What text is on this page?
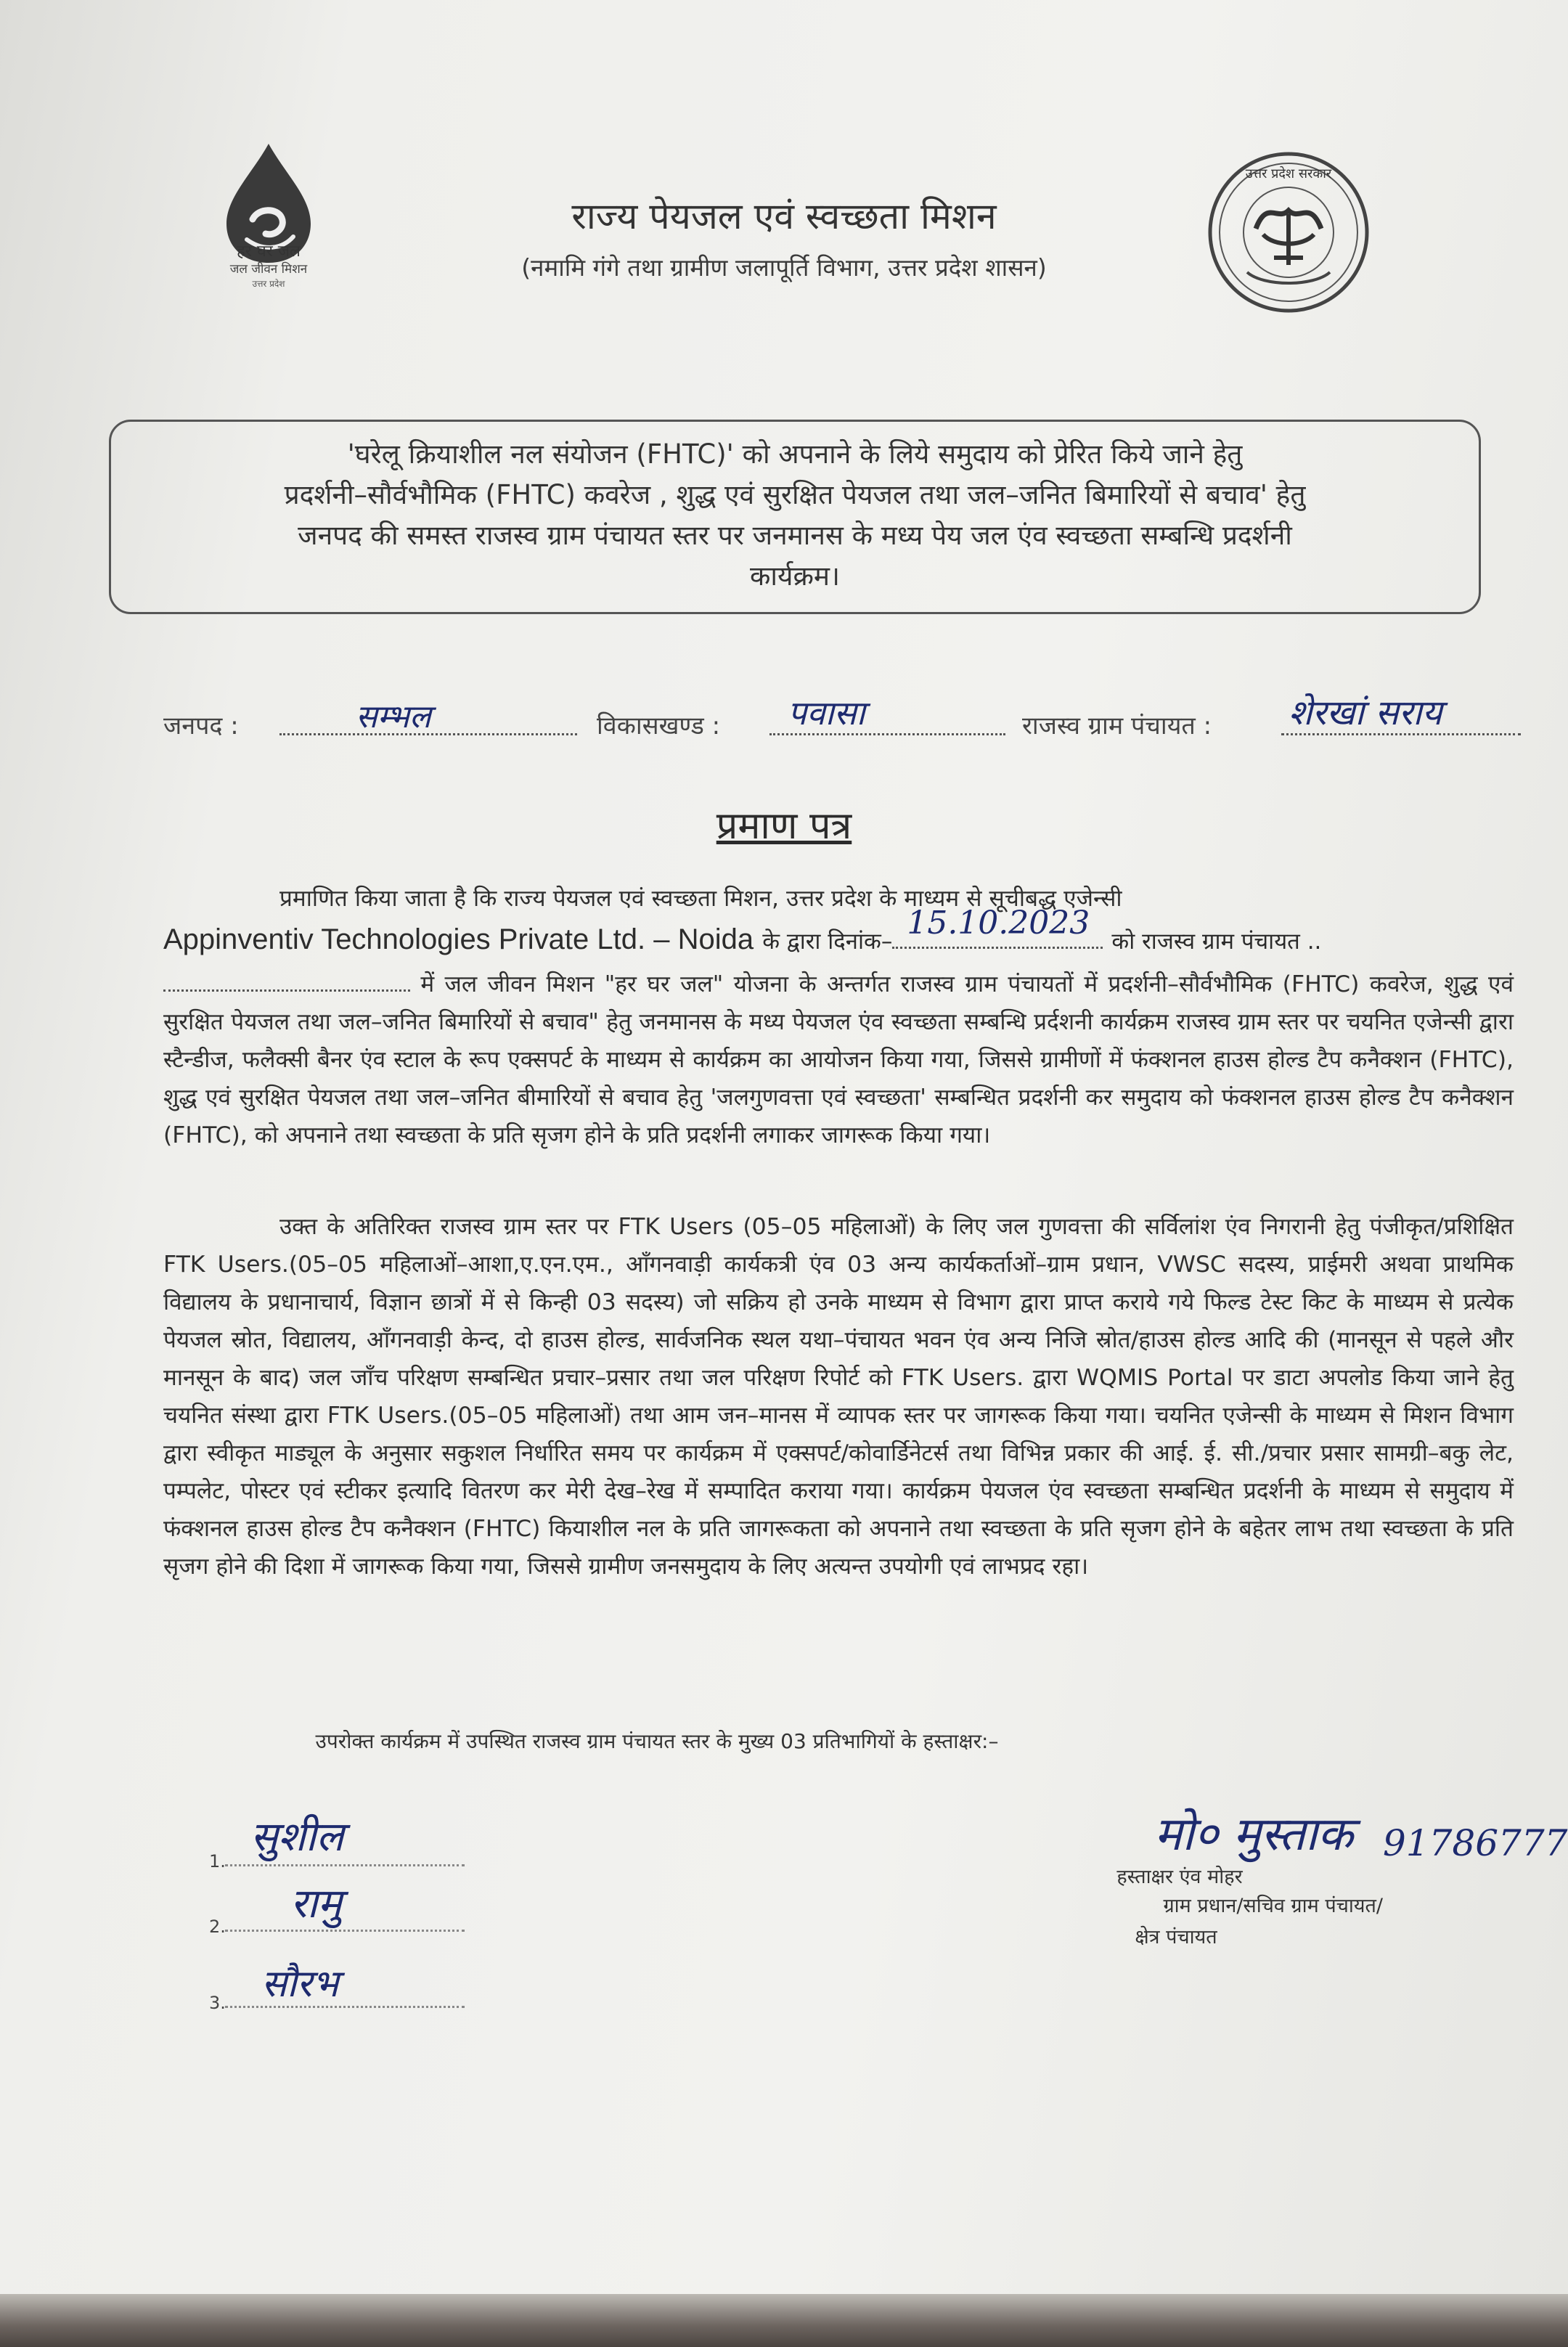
हर घर जल
जल जीवन मिशन
उत्तर प्रदेश
उत्तर प्रदेश सरकार
राज्य पेयजल एवं स्वच्छता मिशन
(नमामि गंगे तथा ग्रामीण जलापूर्ति विभाग, उत्तर प्रदेश शासन)
'घरेलू क्रियाशील नल संयोजन (FHTC)' को अपनाने के लिये समुदाय को प्रेरित किये जाने हेतु
प्रदर्शनी–सौर्वभौमिक (FHTC) कवरेज , शुद्ध एवं सुरक्षित पेयजल तथा जल–जनित बिमारियों से बचाव' हेतु
जनपद की समस्त राजस्व ग्राम पंचायत स्तर पर जनमानस के मध्य पेय जल एंव स्वच्छता सम्बन्धि प्रदर्शनी
कार्यक्रम।
जनपद :	सम्भल	विकासखण्ड : पवासा	राजस्व ग्राम पंचायत : शेरखां सराय
प्रमाण पत्र
प्रमाणित किया जाता है कि राज्य पेयजल एवं स्वच्छता मिशन, उत्तर प्रदेश के माध्यम से सूचीबद्ध एजेन्सी
Appinventiv Technologies Private Ltd. – Noida के द्वारा दिनांक– 15.10.2023 को राजस्व ग्राम पंचायत ..
में जल जीवन मिशन "हर घर जल" योजना के अन्तर्गत राजस्व ग्राम पंचायतों में प्रदर्शनी–सौर्वभौमिक (FHTC) कवरेज, शुद्ध एवं सुरक्षित पेयजल तथा जल–जनित बिमारियों से बचाव" हेतु जनमानस के मध्य पेयजल एंव स्वच्छता सम्बन्धि प्रर्दशनी कार्यक्रम राजस्व ग्राम स्तर पर चयनित एजेन्सी द्वारा स्टैन्डीज, फलैक्सी बैनर एंव स्टाल के रूप एक्सपर्ट के माध्यम से कार्यक्रम का आयोजन किया गया, जिससे ग्रामीणों में फंक्शनल हाउस होल्ड टैप कनैक्शन (FHTC), शुद्ध एवं सुरक्षित पेयजल तथा जल–जनित बीमारियों से बचाव हेतु 'जलगुणवत्ता एवं स्वच्छता' सम्बन्धित प्रदर्शनी कर समुदाय को फंक्शनल हाउस होल्ड टैप कनैक्शन (FHTC), को अपनाने तथा स्वच्छता के प्रति सृजग होने के प्रति प्रदर्शनी लगाकर जागरूक किया गया।
उक्त के अतिरिक्त राजस्व ग्राम स्तर पर FTK Users (05–05 महिलाओं) के लिए जल गुणवत्ता की सर्विलांश एंव निगरानी हेतु पंजीकृत/प्रशिक्षित FTK Users.(05–05 महिलाओं–आशा,ए.एन.एम., ऑंगनवाड़ी कार्यकत्री एंव 03 अन्य कार्यकर्ताओं–ग्राम प्रधान, VWSC सदस्य, प्राईमरी अथवा प्राथमिक विद्यालय के प्रधानाचार्य, विज्ञान छात्रों में से किन्ही 03 सदस्य) जो सक्रिय हो उनके माध्यम से विभाग द्वारा प्राप्त कराये गये फिल्ड टेस्ट किट के माध्यम से प्रत्येक पेयजल स्रोत, विद्यालय, ऑंगनवाड़ी केन्द, दो हाउस होल्ड, सार्वजनिक स्थल यथा–पंचायत भवन एंव अन्य निजि स्रोत/हाउस होल्ड आदि की (मानसून से पहले और मानसून के बाद) जल जॉंच परिक्षण सम्बन्धित प्रचार–प्रसार तथा जल परिक्षण रिपोर्ट को FTK Users. द्वारा WQMIS Portal पर डाटा अपलोड किया जाने हेतु चयनित संस्था द्वारा FTK Users.(05–05 महिलाओं) तथा आम जन–मानस में व्यापक स्तर पर जागरूक किया गया। चयनित एजेन्सी के माध्यम से मिशन विभाग द्वारा स्वीकृत माड्यूल के अनुसार सकुशल निर्धारित समय पर कार्यक्रम में एक्सपर्ट/कोवार्डिनेटर्स तथा विभिन्न प्रकार की आई. ई. सी./प्रचार प्रसार सामग्री–बकु लेट, पम्पलेट, पोस्टर एवं स्टीकर इत्यादि वितरण कर मेरी देख–रेख में सम्पादित कराया गया। कार्यक्रम पेयजल एंव स्वच्छता सम्बन्धित प्रदर्शनी के माध्यम से समुदाय में फंक्शनल हाउस होल्ड टैप कनैक्शन (FHTC) कियाशील नल के प्रति जागरूकता को अपनाने तथा स्वच्छता के प्रति सृजग होने के बहेतर लाभ तथा स्वच्छता के प्रति सृजग होने की दिशा में जागरूक किया गया, जिससे ग्रामीण जनसमुदाय के लिए अत्यन्त उपयोगी एवं लाभप्रद रहा।
उपरोक्त कार्यक्रम में उपस्थित राजस्व ग्राम पंचायत स्तर के मुख्य 03 प्रतिभागियों के हस्ताक्षर:–
1.
सुशील
2. रामु
3. सौरभ
मो० मुस्ताक 91786777
हस्ताक्षर एंव मोहर
ग्राम प्रधान/सचिव ग्राम पंचायत/
क्षेत्र पंचायत
